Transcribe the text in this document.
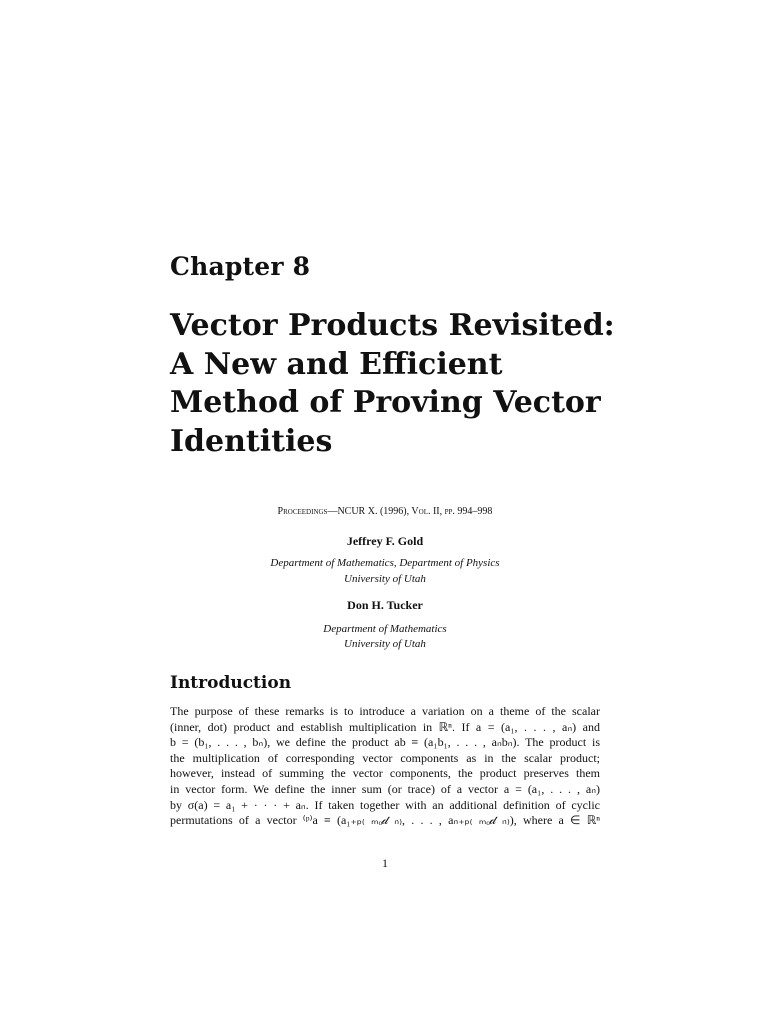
Chapter 8
Vector Products Revisited:
A New and Efficient
Method of Proving Vector
Identities
Proceedings—NCUR X. (1996), Vol. II, pp. 994–998
Jeffrey F. Gold
Department of Mathematics, Department of Physics
University of Utah
Don H. Tucker
Department of Mathematics
University of Utah
Introduction
The purpose of these remarks is to introduce a variation on a theme of the scalar
(inner, dot) product and establish multiplication in ℝⁿ. If a = (a₁, . . . , aₙ) and
b = (b₁, . . . , bₙ), we define the product ab ≡ (a₁b₁, . . . , aₙbₙ). The product is
the multiplication of corresponding vector components as in the scalar product;
however, instead of summing the vector components, the product preserves them
in vector form. We define the inner sum (or trace) of a vector a = (a₁, . . . , aₙ)
by σ(a) = a₁ + · · · + aₙ. If taken together with an additional definition of cyclic
permutations of a vector ⁽ᵖ⁾a ≡ (a₁₊ₚ₍ ₘₒ𝒹 ₙ₎, . . . , aₙ₊ₚ₍ ₘₒ𝒹 ₙ₎), where a ∈ ℝⁿ
1
